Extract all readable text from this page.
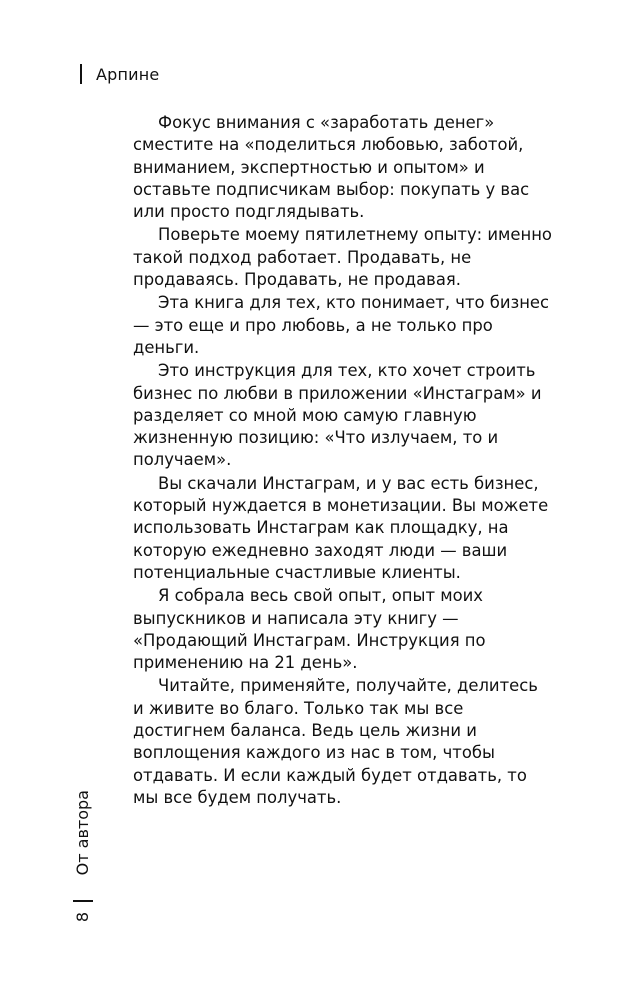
Арпине

Фокус внимания с «заработать денег» сместите на «поделиться любовью, заботой, вниманием, экспертностью и опытом» и оставьте подписчикам выбор: покупать у вас или просто подглядывать.

Поверьте моему пятилетнему опыту: именно такой подход работает. Продавать, не продаваясь. Продавать, не продавая.

Эта книга для тех, кто понимает, что бизнес — это еще и про любовь, а не только про деньги.

Это инструкция для тех, кто хочет строить бизнес по любви в приложении «Инстаграм» и разделяет со мной мою самую главную жизненную позицию: «Что излучаем, то и получаем».

Вы скачали Инстаграм, и у вас есть бизнес, который нуждается в монетизации. Вы можете использовать Инстаграм как площадку, на которую ежедневно заходят люди — ваши потенциальные счастливые клиенты.

Я собрала весь свой опыт, опыт моих выпускников и написала эту книгу — «Продающий Инстаграм. Инструкция по применению на 21 день».

Читайте, применяйте, получайте, делитесь и живите во благо. Только так мы все достигнем баланса. Ведь цель жизни и воплощения каждого из нас в том, чтобы отдавать. И если каждый будет отдавать, то мы все будем получать.

От автора
8
